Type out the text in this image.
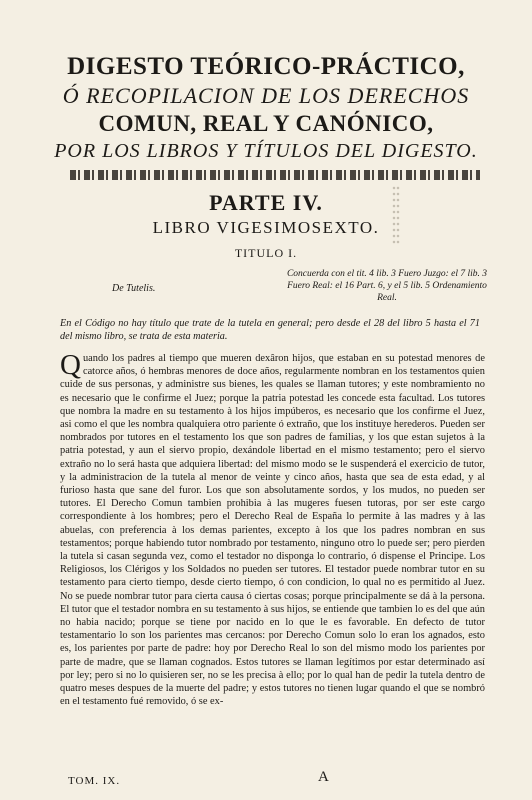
DIGESTO TEÓRICO-PRÁCTICO,
Ó RECOPILACION DE LOS DERECHOS
COMUN, REAL Y CANÓNICO,
POR LOS LIBROS Y TÍTULOS DEL DIGESTO.
PARTE IV.
LIBRO VIGESIMOSEXTO.
TITULO I.
De Tutelis.
Concuerda con el tit. 4 lib. 3 Fuero Juzgo: el 7 lib. 3 Fuero Real: el 16 Part. 6, y el 5 lib. 5 Ordenamiento Real.
En el Código no hay título que trate de la tutela en general; pero desde el 28 del libro 5 hasta el 71 del mismo libro, se trata de esta materia.
Quando los padres al tiempo que mueren dexâron hijos, que estaban en su potestad menores de catorce años, ó hembras menores de doce años, regularmente nombran en los testamentos quien cuide de sus personas, y administre sus bienes, les quales se llaman tutores; y este nombramiento no es necesario que le confirme el Juez; porque la patria potestad les concede esta facultad. Los tutores que nombra la madre en su testamento à los hijos impúberos, es necesario que los confirme el Juez, asi como el que les nombra qualquiera otro pariente ó extraño, que los instituye herederos. Pueden ser nombrados por tutores en el testamento los que son padres de familias, y los que estan sujetos à la patria potestad, y aun el siervo propio, dexándole libertad en el mismo testamento; pero el siervo extraño no lo será hasta que adquiera libertad: del mismo modo se le suspenderá el exercicio de tutor, y la administracion de la tutela al menor de veinte y cinco años, hasta que sea de esta edad, y al furioso hasta que sane del furor. Los que son absolutamente sordos, y los mudos, no pueden ser tutores. El Derecho Comun tambien prohibia à las mugeres fuesen tutoras, por ser este cargo correspondiente à los hombres; pero el Derecho Real de España lo permite à las madres y à las abuelas, con preferencia à los demas parientes, excepto à los que los padres nombran en sus testamentos; porque habiendo tutor nombrado por testamento, ninguno otro lo puede ser; pero pierden la tutela si casan segunda vez, como el testador no disponga lo contrario, ó dispense el Principe. Los Religiosos, los Clérigos y los Soldados no pueden ser tutores. El testador puede nombrar tutor en su testamento para cierto tiempo, desde cierto tiempo, ó con condicion, lo qual no es permitido al Juez. No se puede nombrar tutor para cierta causa ó ciertas cosas; porque principalmente se dá à la persona. El tutor que el testador nombra en su testamento à sus hijos, se entiende que tambien lo es del que aún no habia nacido; porque se tiene por nacido en lo que le es favorable. En defecto de tutor testamentario lo son los parientes mas cercanos: por Derecho Comun solo lo eran los agnados, esto es, los parientes por parte de padre: hoy por Derecho Real lo son del mismo modo los parientes por parte de madre, que se llaman cognados. Estos tutores se llaman legítimos por estar determinado así por ley; pero si no lo quisieren ser, no se les precisa à ello; por lo qual han de pedir la tutela dentro de quatro meses despues de la muerte del padre; y estos tutores no tienen lugar quando el que se nombró en el testamento fué removido, ó se ex-
TOM. IX.	A
